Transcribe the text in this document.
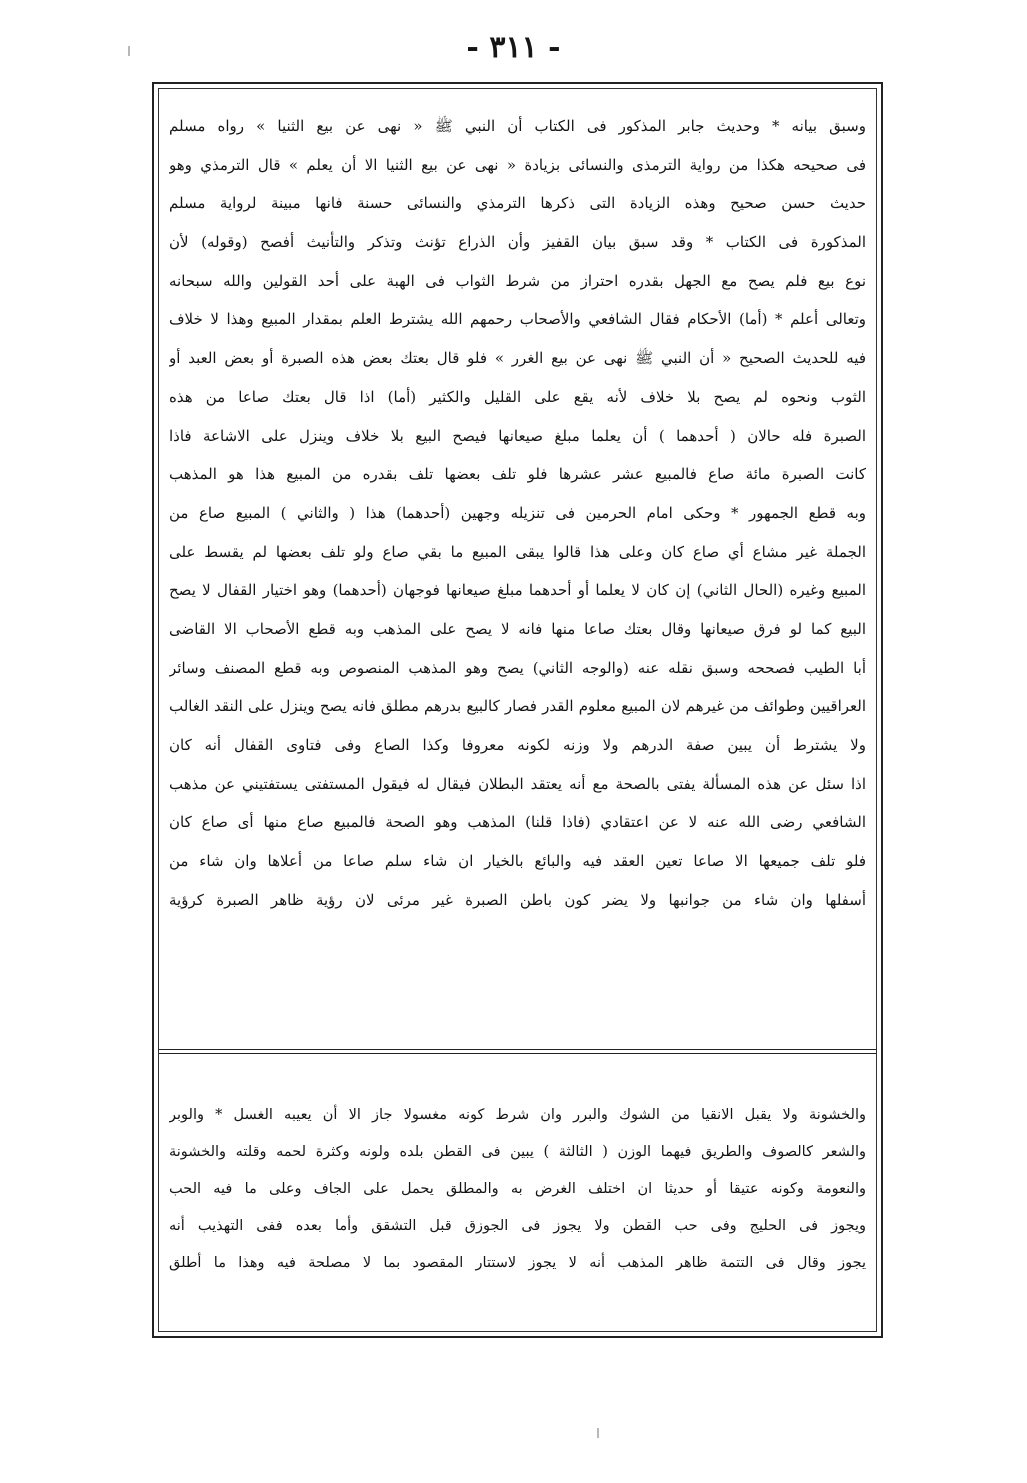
- ٣١١ -
وسبق بيانه * وحديث جابر المذكور فى الكتاب أن النبي ﷺ « نهى عن بيع الثنيا » رواه مسلم
فى صحيحه هكذا من رواية الترمذى والنسائى بزيادة « نهى عن بيع الثنيا الا أن يعلم » قال الترمذي وهو
حديث حسن صحيح وهذه الزيادة التى ذكرها الترمذي والنسائى حسنة فانها مبينة لرواية مسلم
المذكورة فى الكتاب * وقد سبق بيان القفيز وأن الذراع تؤنث وتذكر والتأنيث أفصح (وقوله) لأن
نوع بيع فلم يصح مع الجهل بقدره احتراز من شرط الثواب فى الهبة على أحد القولين والله سبحانه
وتعالى أعلم * (أما) الأحكام فقال الشافعي والأصحاب رحمهم الله يشترط العلم بمقدار المبيع وهذا لا خلاف
فيه للحديث الصحيح « أن النبي ﷺ نهى عن بيع الغرر » فلو قال بعتك بعض هذه الصبرة أو بعض العبد أو
الثوب ونحوه لم يصح بلا خلاف لأنه يقع على القليل والكثير (أما) اذا قال بعتك صاعا من هذه
الصبرة فله حالان ( أحدهما ) أن يعلما مبلغ صيعانها فيصح البيع بلا خلاف وينزل على الاشاعة فاذا
كانت الصبرة مائة صاع فالمبيع عشر عشرها فلو تلف بعضها تلف بقدره من المبيع هذا هو المذهب
وبه قطع الجمهور * وحكى امام الحرمين فى تنزيله وجهين (أحدهما) هذا ( والثاني ) المبيع صاع من
الجملة غير مشاع أي صاع كان وعلى هذا قالوا يبقى المبيع ما بقي صاع ولو تلف بعضها لم يقسط على
المبيع وغيره (الحال الثاني) إن كان لا يعلما أو أحدهما مبلغ صيعانها فوجهان (أحدهما) وهو اختيار القفال لا يصح
البيع كما لو فرق صيعانها وقال بعتك صاعا منها فانه لا يصح على المذهب وبه قطع الأصحاب الا القاضى
أبا الطيب فصححه وسبق نقله عنه (والوجه الثاني) يصح وهو المذهب المنصوص وبه قطع المصنف وسائر
العراقيين وطوائف من غيرهم لان المبيع معلوم القدر فصار كالبيع بدرهم مطلق فانه يصح وينزل على النقد الغالب
ولا يشترط أن يبين صفة الدرهم ولا وزنه لكونه معروفا وكذا الصاع وفى فتاوى القفال أنه كان
اذا سئل عن هذه المسألة يفتى بالصحة مع أنه يعتقد البطلان فيقال له فيقول المستفتى يستفتيني عن مذهب
الشافعي رضى الله عنه لا عن اعتقادي (فاذا قلنا) المذهب وهو الصحة فالمبيع صاع منها أى صاع كان
فلو تلف جميعها الا صاعا تعين العقد فيه والبائع بالخيار ان شاء سلم صاعا من أعلاها وان شاء من
أسفلها وان شاء من جوانبها ولا يضر كون باطن الصبرة غير مرئى لان رؤية ظاهر الصبرة كرؤية
والخشونة ولا يقبل الانقيا من الشوك والبرر وان شرط كونه مغسولا جاز الا أن يعيبه الغسل * والوبر
والشعر كالصوف والطريق فيهما الوزن ( الثالثة ) يبين فى القطن بلده ولونه وكثرة لحمه وقلته والخشونة
والنعومة وكونه عتيقا أو حديثا ان اختلف الغرض به والمطلق يحمل على الجاف وعلى ما فيه الحب
ويجوز فى الحليج وفى حب القطن ولا يجوز فى الجوزق قبل التشقق وأما بعده ففى التهذيب أنه
يجوز وقال فى التتمة ظاهر المذهب أنه لا يجوز لاستتار المقصود بما لا مصلحة فيه وهذا ما أطلق
